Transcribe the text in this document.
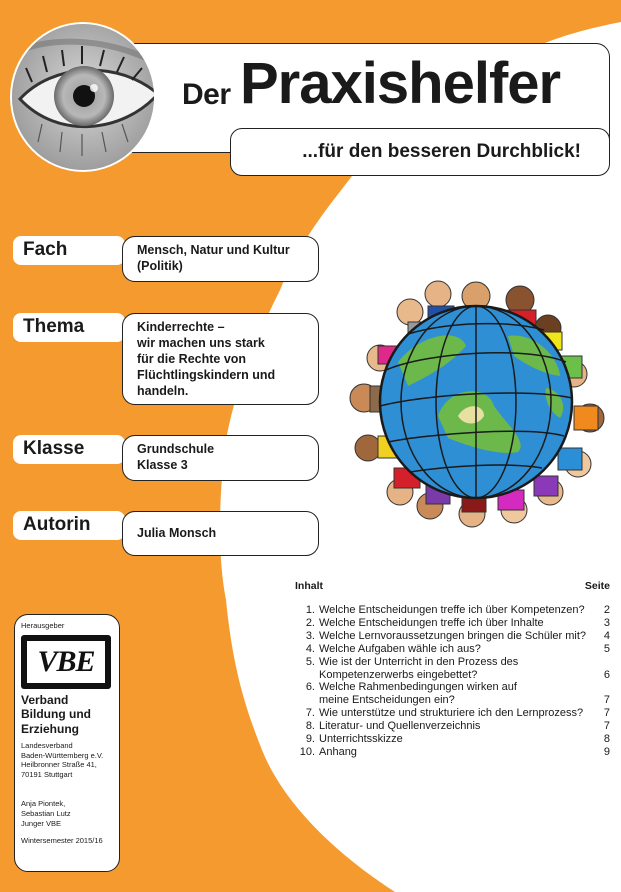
Der Praxishelfer
...für den besseren Durchblick!
Fach	Mensch, Natur und Kultur
(Politik)
Thema	Kinderrechte –
wir machen uns stark
für die Rechte von
Flüchtlingskindern und
handeln.
Klasse	Grundschule
Klasse 3
Autorin	Julia Monsch
Inhalt	Seite
1. Welche Entscheidungen treffe ich über Kompetenzen?	2
2. Welche Entscheidungen treffe ich über Inhalte	3
3. Welche Lernvoraussetzungen bringen die Schüler mit?	4
4. Welche Aufgaben wähle ich aus?	5
5. Wie ist der Unterricht in den Prozess des
Kompetenzerwerbs eingebettet?	6
6. Welche Rahmenbedingungen wirken auf
meine Entscheidungen ein?	7
7. Wie unterstütze und strukturiere ich den Lernprozess?	7
8. Literatur- und Quellenverzeichnis	7
9. Unterrichtsskizze	8
10. Anhang	9
Herausgeber
VBE
Verband
Bildung und
Erziehung
Landesverband
Baden-Württemberg e.V.
Heilbronner Straße 41,
70191 Stuttgart
Anja Piontek,
Sebastian Lutz
Junger VBE
Wintersemester 2015/16
